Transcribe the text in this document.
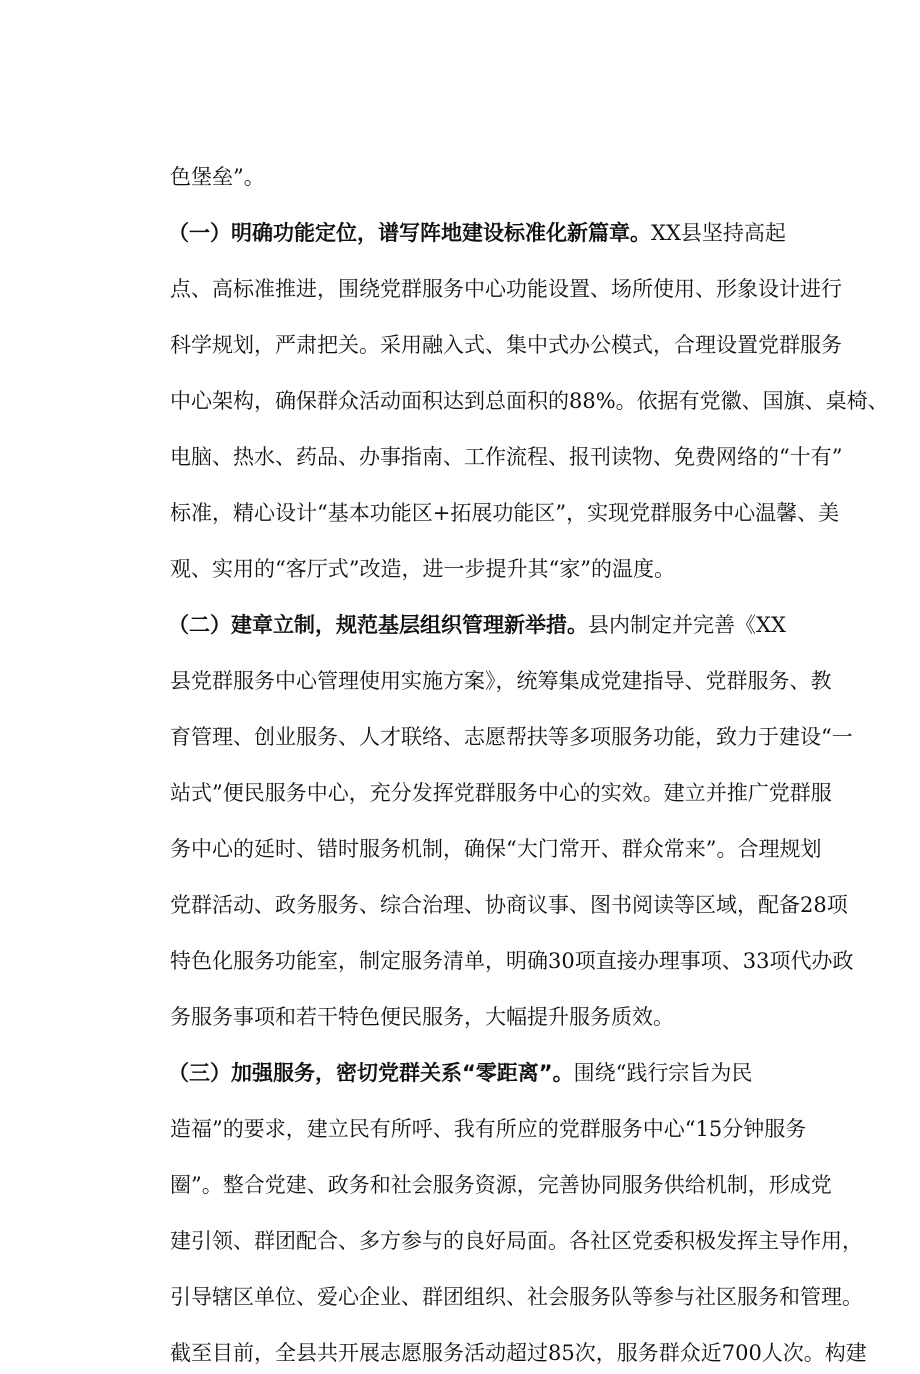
色堡垒”。
（一）明确功能定位，谱写阵地建设标准化新篇章。XX县坚持高起
点、高标准推进，围绕党群服务中心功能设置、场所使用、形象设计进行
科学规划，严肃把关。采用融入式、集中式办公模式，合理设置党群服务
中心架构，确保群众活动面积达到总面积的88%。依据有党徽、国旗、桌椅、
电脑、热水、药品、办事指南、工作流程、报刊读物、免费网络的“十有”
标准，精心设计“基本功能区+拓展功能区”，实现党群服务中心温馨、美
观、实用的“客厅式”改造，进一步提升其“家”的温度。
（二）建章立制，规范基层组织管理新举措。县内制定并完善《XX
县党群服务中心管理使用实施方案》，统筹集成党建指导、党群服务、教
育管理、创业服务、人才联络、志愿帮扶等多项服务功能，致力于建设“一
站式”便民服务中心，充分发挥党群服务中心的实效。建立并推广党群服
务中心的延时、错时服务机制，确保“大门常开、群众常来”。合理规划
党群活动、政务服务、综合治理、协商议事、图书阅读等区域，配备28项
特色化服务功能室，制定服务清单，明确30项直接办理事项、33项代办政
务服务事项和若干特色便民服务，大幅提升服务质效。
（三）加强服务，密切党群关系“零距离”。围绕“践行宗旨为民
造福”的要求，建立民有所呼、我有所应的党群服务中心“15分钟服务
圈”。整合党建、政务和社会服务资源，完善协同服务供给机制，形成党
建引领、群团配合、多方参与的良好局面。各社区党委积极发挥主导作用，
引导辖区单位、爱心企业、群团组织、社会服务队等参与社区服务和管理。
截至目前，全县共开展志愿服务活动超过85次，服务群众近700人次。构建
